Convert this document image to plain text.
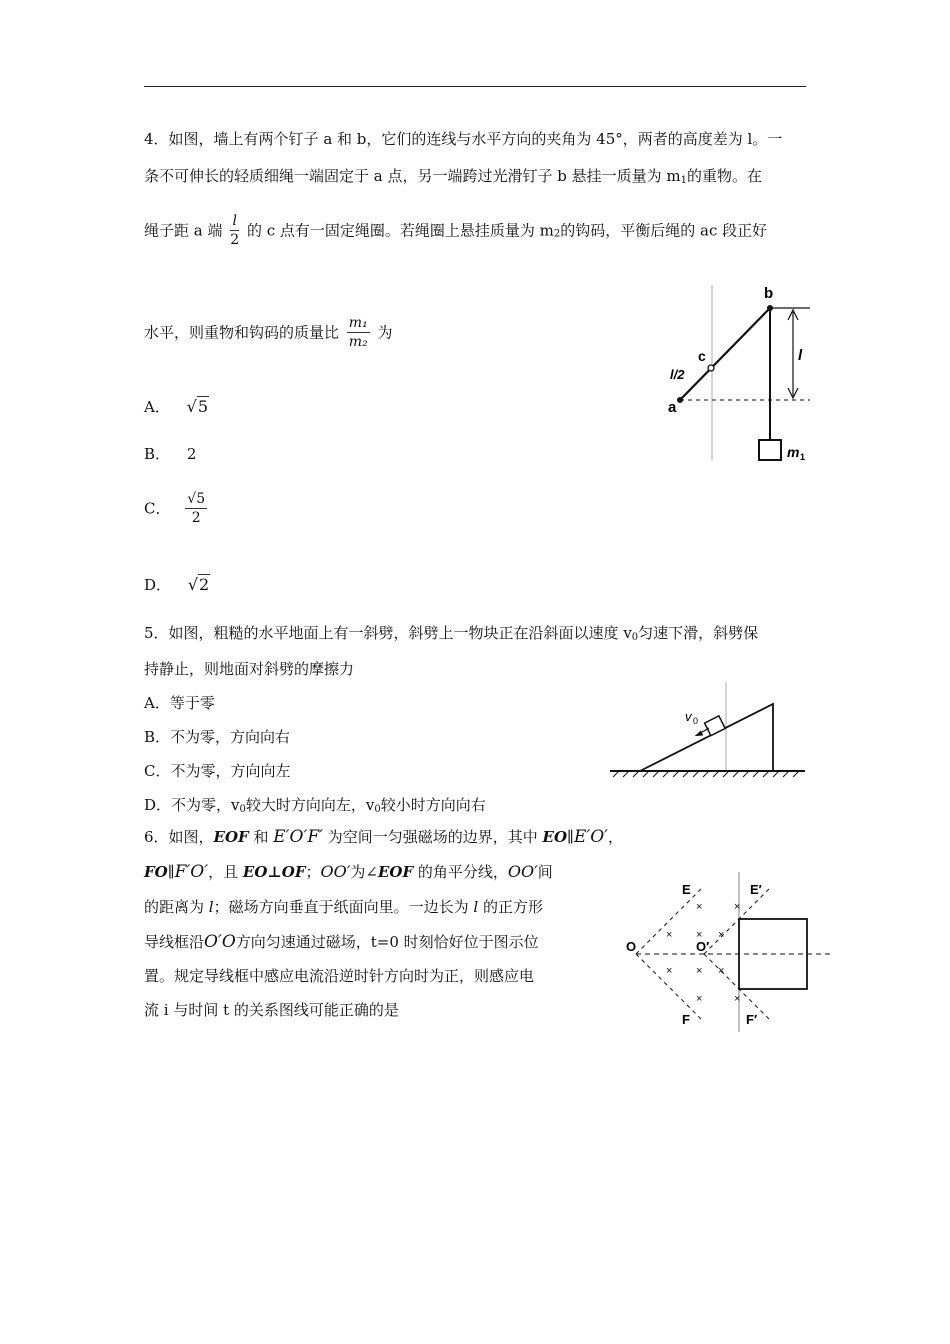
4．如图，墙上有两个钉子 a 和 b，它们的连线与水平方向的夹角为 45°，两者的高度差为 l。一
条不可伸长的轻质细绳一端固定于 a 点，另一端跨过光滑钉子 b 悬挂一质量为 $m_1$的重物。在
绳子距 a 端 $\frac{l}{2}$ 的 c 点有一固定绳圈。若绳圈上悬挂质量为 $m_2$的钩码，平衡后绳的 ac 段正好
水平，则重物和钩码的质量比 $\frac{\text{m₁}}{\text{m₂}}$ 为
A． √5
B． 2
C． $\frac{√5}{2}$
D． √2
b
c
a
l/2
l
m 1
5．如图，粗糙的水平地面上有一斜劈，斜劈上一物块正在沿斜面以速度 $v_0$匀速下滑，斜劈保
持静止，则地面对斜劈的摩擦力
A．等于零
B．不为零，方向向右
C．不为零，方向向左
D．不为零，$v_0$较大时方向向左，$v_0$较小时方向向右
v 0
6．如图，EOF 和 E′O′F′ 为空间一匀强磁场的边界，其中 EO∥E′O′，
FO∥F′O′，且 EO⊥OF；OO′为∠EOF 的角平分线，OO′间
的距离为 l；磁场方向垂直于纸面向里。一边长为 l 的正方形
导线框沿O′O方向匀速通过磁场，t=0 时刻恰好位于图示位
置。规定导线框中感应电流沿逆时针方向时为正，则感应电
流 i 与时间 t 的关系图线可能正确的是
×	×
× × ×
× × ×
×	×
E	E′
O	O′
F	F′
